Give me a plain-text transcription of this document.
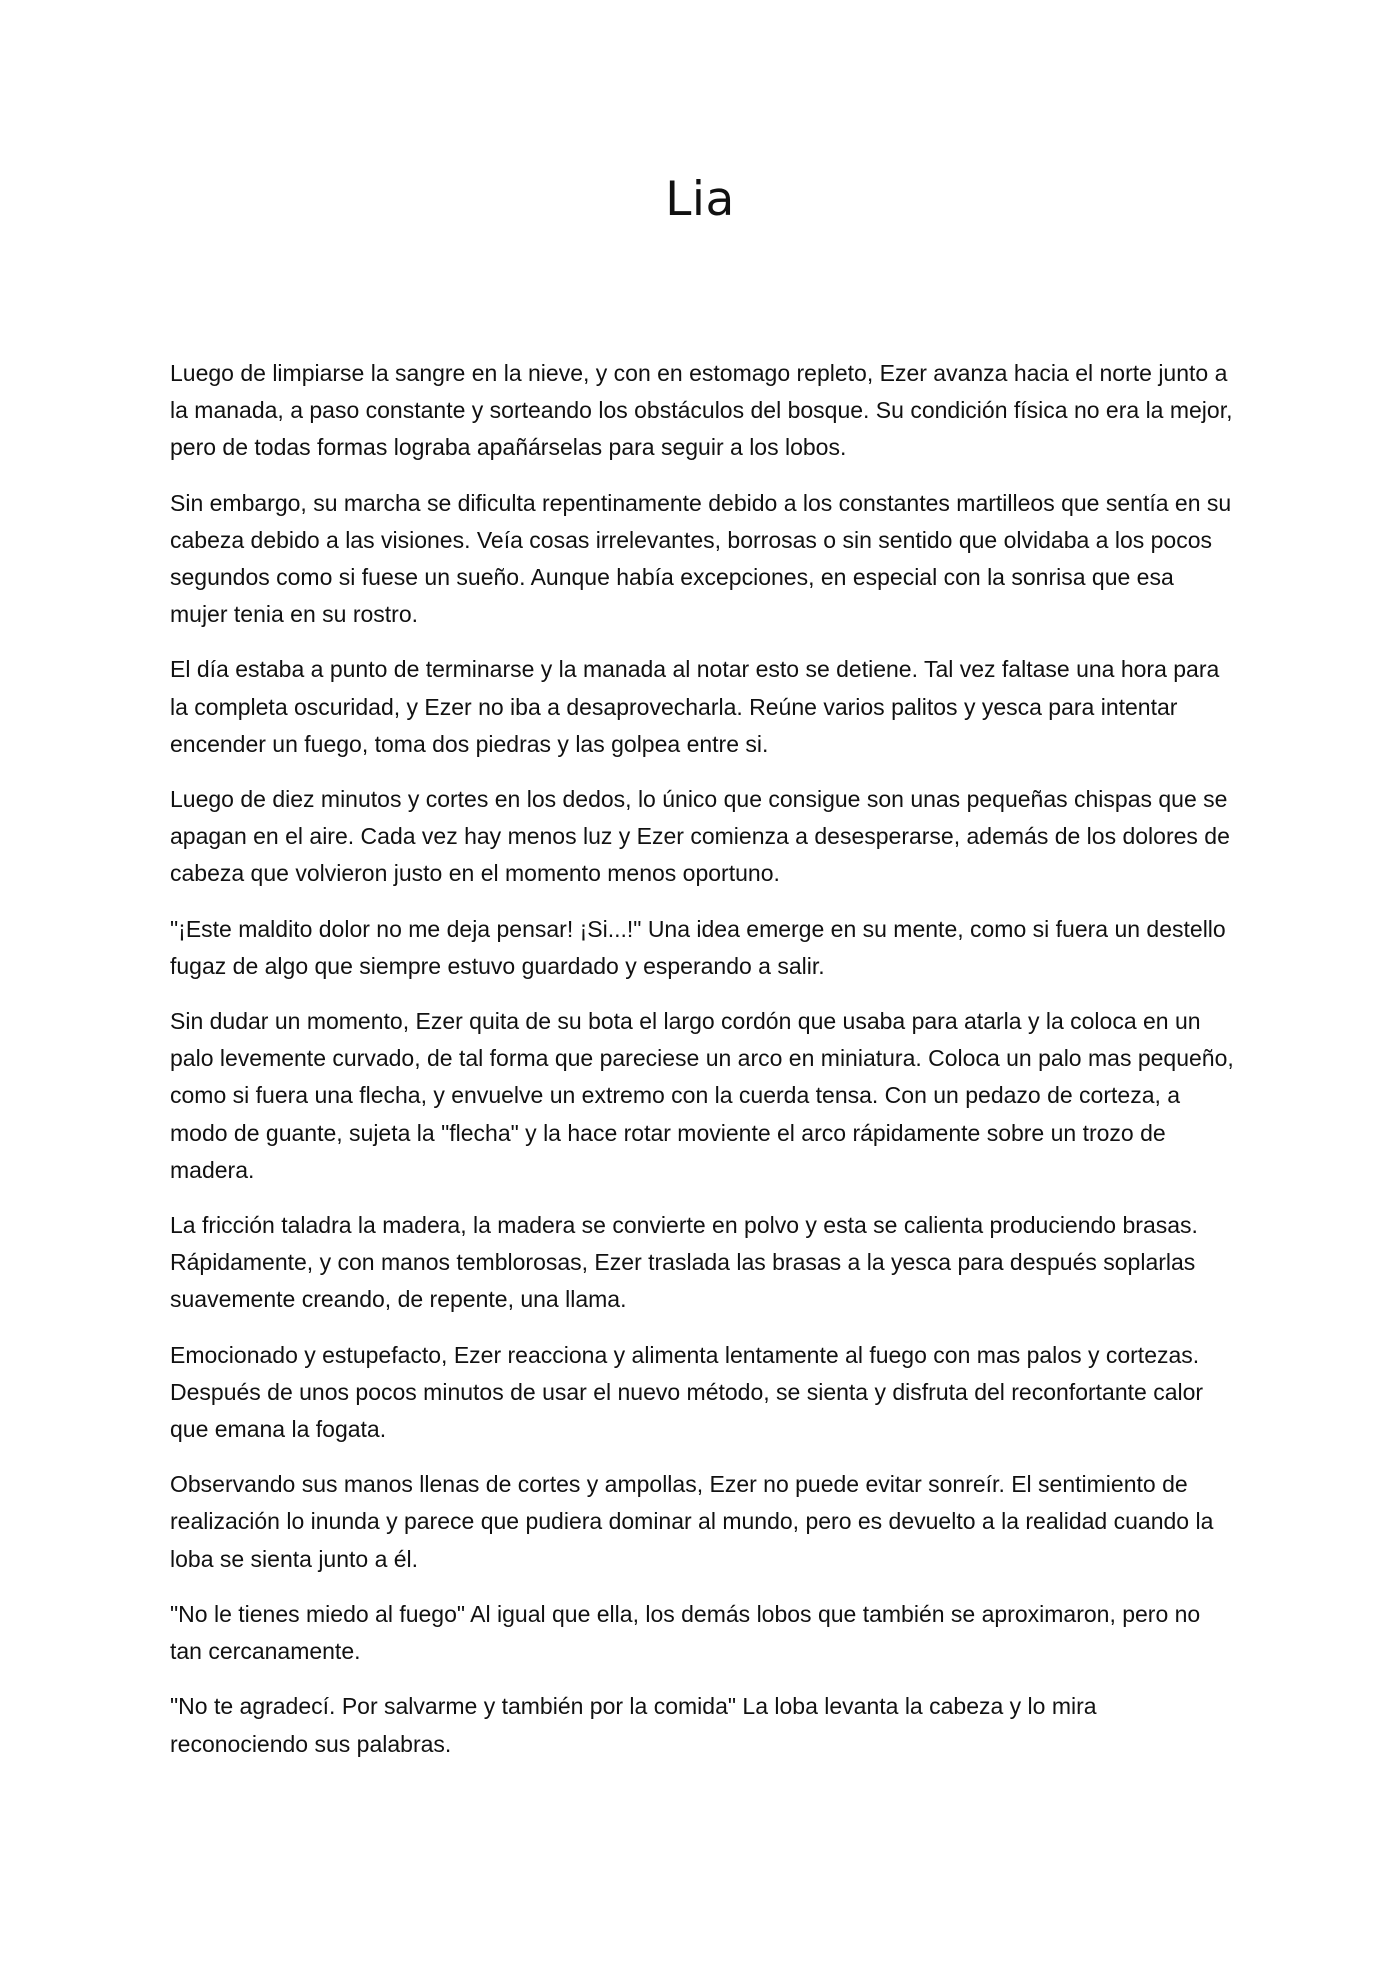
Lia

Luego de limpiarse la sangre en la nieve, y con en estomago repleto, Ezer avanza hacia el norte junto a la manada, a paso constante y sorteando los obstáculos del bosque. Su condición física no era la mejor, pero de todas formas lograba apañárselas para seguir a los lobos.

Sin embargo, su marcha se dificulta repentinamente debido a los constantes martilleos que sentía en su cabeza debido a las visiones. Veía cosas irrelevantes, borrosas o sin sentido que olvidaba a los pocos segundos como si fuese un sueño. Aunque había excepciones, en especial con la sonrisa que esa mujer tenia en su rostro.

El día estaba a punto de terminarse y la manada al notar esto se detiene. Tal vez faltase una hora para la completa oscuridad, y Ezer no iba a desaprovecharla. Reúne varios palitos y yesca para intentar encender un fuego, toma dos piedras y las golpea entre si.

Luego de diez minutos y cortes en los dedos, lo único que consigue son unas pequeñas chispas que se apagan en el aire. Cada vez hay menos luz y Ezer comienza a desesperarse, además de los dolores de cabeza que volvieron justo en el momento menos oportuno.

"¡Este maldito dolor no me deja pensar! ¡Si...!" Una idea emerge en su mente, como si fuera un destello fugaz de algo que siempre estuvo guardado y esperando a salir.

Sin dudar un momento, Ezer quita de su bota el largo cordón que usaba para atarla y la coloca en un palo levemente curvado, de tal forma que pareciese un arco en miniatura. Coloca un palo mas pequeño, como si fuera una flecha, y envuelve un extremo con la cuerda tensa. Con un pedazo de corteza, a modo de guante, sujeta la "flecha" y la hace rotar moviente el arco rápidamente sobre un trozo de madera.

La fricción taladra la madera, la madera se convierte en polvo y esta se calienta produciendo brasas. Rápidamente, y con manos temblorosas, Ezer traslada las brasas a la yesca para después soplarlas suavemente creando, de repente, una llama.

Emocionado y estupefacto, Ezer reacciona y alimenta lentamente al fuego con mas palos y cortezas. Después de unos pocos minutos de usar el nuevo método, se sienta y disfruta del reconfortante calor que emana la fogata.

Observando sus manos llenas de cortes y ampollas, Ezer no puede evitar sonreír. El sentimiento de realización lo inunda y parece que pudiera dominar al mundo, pero es devuelto a la realidad cuando la loba se sienta junto a él.

"No le tienes miedo al fuego" Al igual que ella, los demás lobos que también se aproximaron, pero no tan cercanamente.

"No te agradecí. Por salvarme y también por la comida" La loba levanta la cabeza y lo mira reconociendo sus palabras.
